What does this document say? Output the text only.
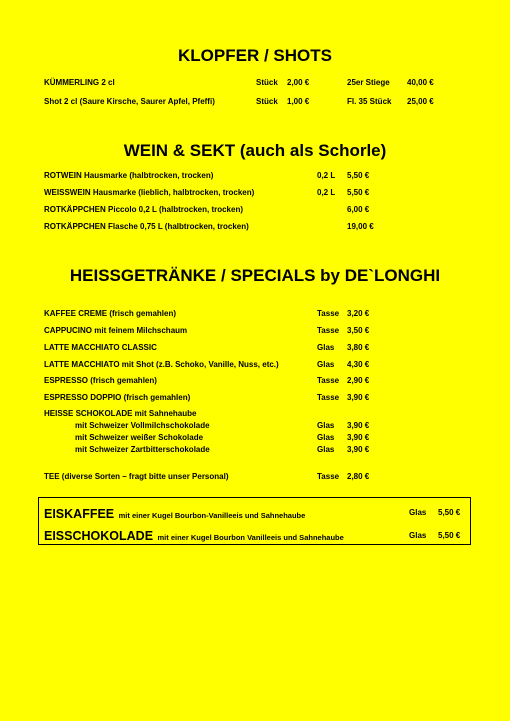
KLOPFER / SHOTS
KÜMMERLING 2 cl	Stück 2,00 €	25er Stiege 40,00 €
Shot 2 cl (Saure Kirsche, Saurer Apfel, Pfeffi)	Stück 1,00 €	Fl. 35 Stück 25,00 €
WEIN & SEKT (auch als Schorle)
ROTWEIN Hausmarke (halbtrocken, trocken)	0,2 L 5,50 €
WEISSWEIN Hausmarke (lieblich, halbtrocken, trocken)	0,2 L 5,50 €
ROTKÄPPCHEN Piccolo 0,2 L (halbtrocken, trocken)	6,00 €
ROTKÄPPCHEN Flasche 0,75 L (halbtrocken, trocken)	19,00 €
HEISSGETRÄNKE / SPECIALS by DE`LONGHI
KAFFEE CREME (frisch gemahlen)	Tasse 3,20 €
CAPPUCINO mit feinem Milchschaum	Tasse 3,50 €
LATTE MACCHIATO CLASSIC	Glas 3,80 €
LATTE MACCHIATO mit Shot (z.B. Schoko, Vanille, Nuss, etc.)	Glas 4,30 €
ESPRESSO (frisch gemahlen)	Tasse 2,90 €
ESPRESSO DOPPIO (frisch gemahlen)	Tasse 3,90 €
HEISSE SCHOKOLADE mit Sahnehaube
mit Schweizer Vollmilchschokolade	Glas 3,90 €
mit Schweizer weißer Schokolade	Glas 3,90 €
mit Schweizer Zartbitterschokolade	Glas 3,90 €
TEE (diverse Sorten – fragt bitte unser Personal)	Tasse 2,80 €
EISKAFFEE mit einer Kugel Bourbon-Vanilleeis und Sahnehaube	Glas 5,50 €
EISSCHOKOLADE mit einer Kugel Bourbon Vanilleeis und Sahnehaube	Glas 5,50 €
